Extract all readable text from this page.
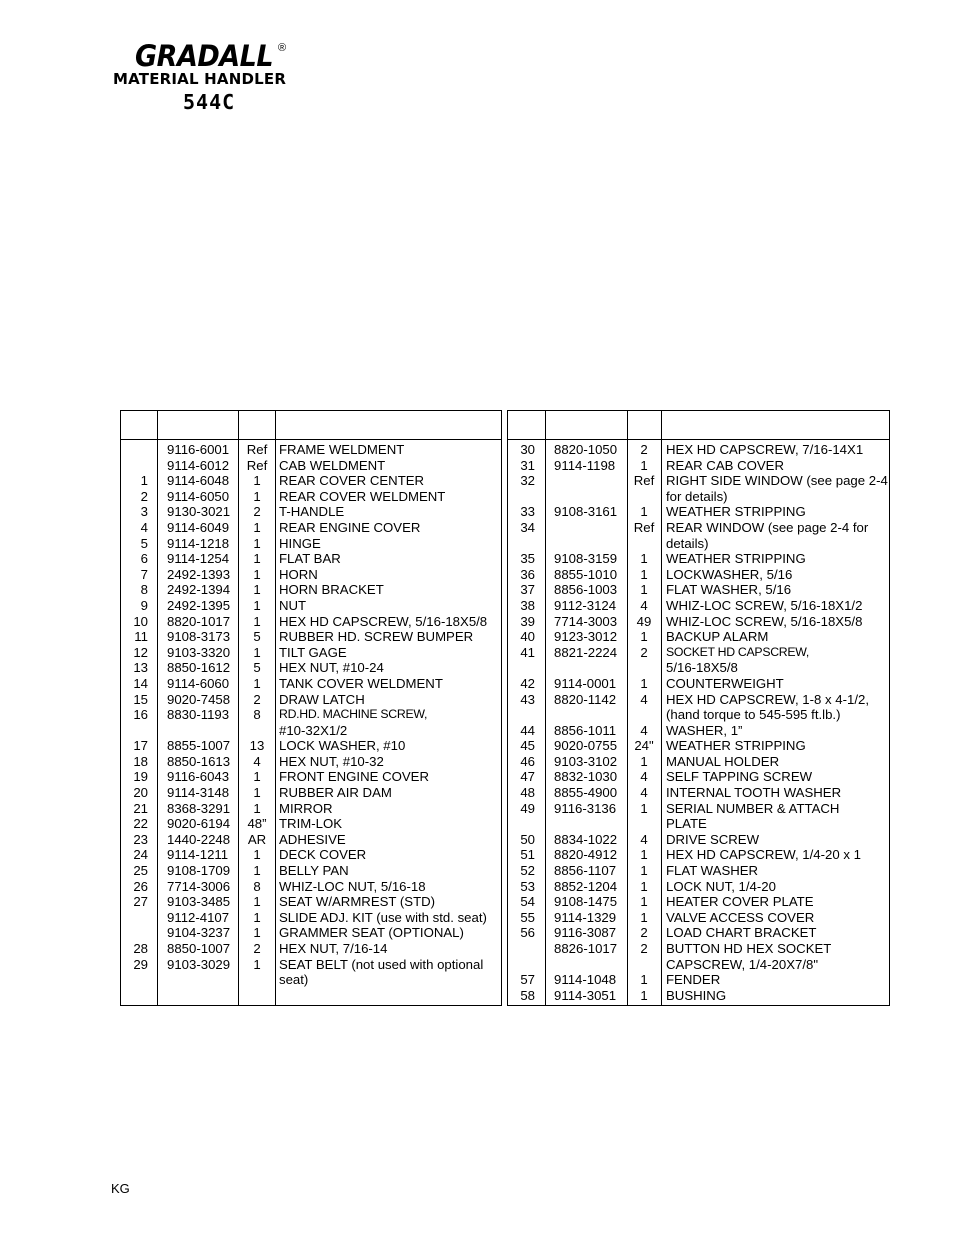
GRADALL ®
MATERIAL HANDLER
544C
9116-6001	Ref FRAME WELDMENT
9114-6012	Ref CAB WELDMENT
1 9114-6048	1	REAR COVER CENTER
2 9114-6050	1	REAR COVER WELDMENT
3 9130-3021	2	T-HANDLE
4 9114-6049	1	REAR ENGINE COVER
5 9114-1218	1	HINGE
6 9114-1254	1	FLAT BAR
7 2492-1393	1	HORN
8 2492-1394	1	HORN BRACKET
9 2492-1395	1	NUT
10 8820-1017	1	HEX HD CAPSCREW, 5/16-18X5/8
11 9108-3173	5	RUBBER HD. SCREW BUMPER
12 9103-3320	1	TILT GAGE
13 8850-1612	5	HEX NUT, #10-24
14 9114-6060	1	TANK COVER WELDMENT
15 9020-7458	2	DRAW LATCH
16 8830-1193	8	RD.HD. MACHINE SCREW,
#10-32X1/2
17 8855-1007	13	LOCK WASHER, #10
18 8850-1613	4	HEX NUT, #10-32
19 9116-6043	1	FRONT ENGINE COVER
20 9114-3148	1	RUBBER AIR DAM
21 8368-3291	1	MIRROR
22 9020-6194	48” TRIM-LOK
23 1440-2248	AR ADHESIVE
24 9114-1211	1	DECK COVER
25 9108-1709	1	BELLY PAN
26 7714-3006	8	WHIZ-LOC NUT, 5/16-18
27 9103-3485	1	SEAT W/ARMREST (STD)
9112-4107	1	SLIDE ADJ. KIT (use with std. seat)
9104-3237	1	GRAMMER SEAT (OPTIONAL)
28 8850-1007	2	HEX NUT, 7/16-14
29 9103-3029	1	SEAT BELT (not used with optional
seat)
30 8820-1050	2	HEX HD CAPSCREW, 7/16-14X1
31 9114-1198	1	REAR CAB COVER
32	Ref RIGHT SIDE WINDOW (see page 2-4
for details)
33 9108-3161	1	WEATHER STRIPPING
34	Ref REAR WINDOW (see page 2-4 for
details)
35 9108-3159	1	WEATHER STRIPPING
36 8855-1010	1	LOCKWASHER, 5/16
37 8856-1003	1	FLAT WASHER, 5/16
38 9112-3124	4	WHIZ-LOC SCREW, 5/16-18X1/2
39 7714-3003	49	WHIZ-LOC SCREW, 5/16-18X5/8
40 9123-3012	1	BACKUP ALARM
41 8821-2224	2	SOCKET HD CAPSCREW,
5/16-18X5/8
42 9114-0001	1	COUNTERWEIGHT
43 8820-1142	4	HEX HD CAPSCREW, 1-8 x 4-1/2,
(hand torque to 545-595 ft.lb.)
44 8856-1011	4	WASHER, 1”
45 9020-0755	24" WEATHER STRIPPING
46 9103-3102	1	MANUAL HOLDER
47 8832-1030	4	SELF TAPPING SCREW
48 8855-4900	4	INTERNAL TOOTH WASHER
49 9116-3136	1	SERIAL NUMBER & ATTACH
PLATE
50 8834-1022	4	DRIVE SCREW
51 8820-4912	1	HEX HD CAPSCREW, 1/4-20 x 1
52 8856-1107	1	FLAT WASHER
53 8852-1204	1	LOCK NUT, 1/4-20
54 9108-1475	1	HEATER COVER PLATE
55 9114-1329	1	VALVE ACCESS COVER
56 9116-3087	2	LOAD CHART BRACKET
8826-1017	2	BUTTON HD HEX SOCKET
CAPSCREW, 1/4-20X7/8"
57 9114-1048	1	FENDER
58 9114-3051	1	BUSHING
KG
